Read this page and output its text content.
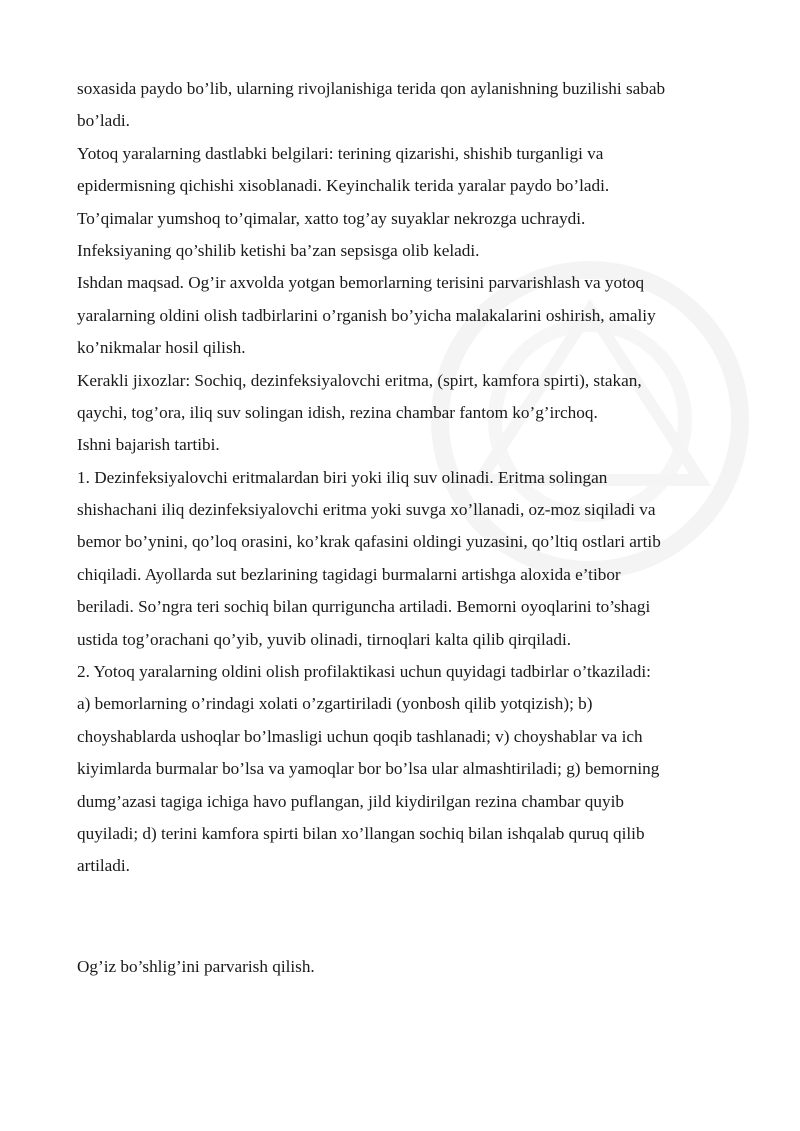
soxasida paydo bo’lib, ularning rivojlanishiga terida qon aylanishning buzilishi sabab
bo’ladi.
Yotoq yaralarning dastlabki belgilari: terining qizarishi, shishib turganligi va
epidermisning qichishi xisoblanadi. Keyinchalik terida yaralar paydo bo’ladi.
To’qimalar yumshoq to’qimalar, xatto tog’ay suyaklar nekrozga uchraydi.
Infeksiyaning qo’shilib ketishi ba’zan sepsisga olib keladi.
Ishdan maqsad. Og’ir axvolda yotgan bemorlarning terisini parvarishlash va yotoq
yaralarning oldini olish tadbirlarini o’rganish bo’yicha malakalarini oshirish, amaliy
ko’nikmalar hosil qilish.
Kerakli jixozlar: Sochiq, dezinfeksiyalovchi eritma, (spirt, kamfora spirti), stakan,
qaychi, tog’ora, iliq suv solingan idish, rezina chambar fantom ko’g’irchoq.
Ishni bajarish tartibi.
1. Dezinfeksiyalovchi eritmalardan biri yoki iliq suv olinadi. Eritma solingan
shishachani iliq dezinfeksiyalovchi eritma yoki suvga xo’llanadi, oz-moz siqiladi va
bemor bo’ynini, qo’loq orasini, ko’krak qafasini oldingi yuzasini, qo’ltiq ostlari artib
chiqiladi. Ayollarda sut bezlarining tagidagi burmalarni artishga aloxida e’tibor
beriladi. So’ngra teri sochiq bilan qurriguncha artiladi. Bemorni oyoqlarini to’shagi
ustida tog’orachani qo’yib, yuvib olinadi, tirnoqlari kalta qilib qirqiladi.
2. Yotoq yaralarning oldini olish profilaktikasi uchun quyidagi tadbirlar o’tkaziladi:
a) bemorlarning o’rindagi xolati o’zgartiriladi (yonbosh qilib yotqizish); b)
choyshablarda ushoqlar bo’lmasligi uchun qoqib tashlanadi; v) choyshablar va ich
kiyimlarda burmalar bo’lsa va yamoqlar bor bo’lsa ular almashtiriladi; g) bemorning
dumg’azasi tagiga ichiga havo puflangan, jild kiydirilgan rezina chambar quyib
quyiladi; d) terini kamfora spirti bilan xo’llangan sochiq bilan ishqalab quruq qilib
artiladi.
Og’iz bo’shlig’ini parvarish qilish.
